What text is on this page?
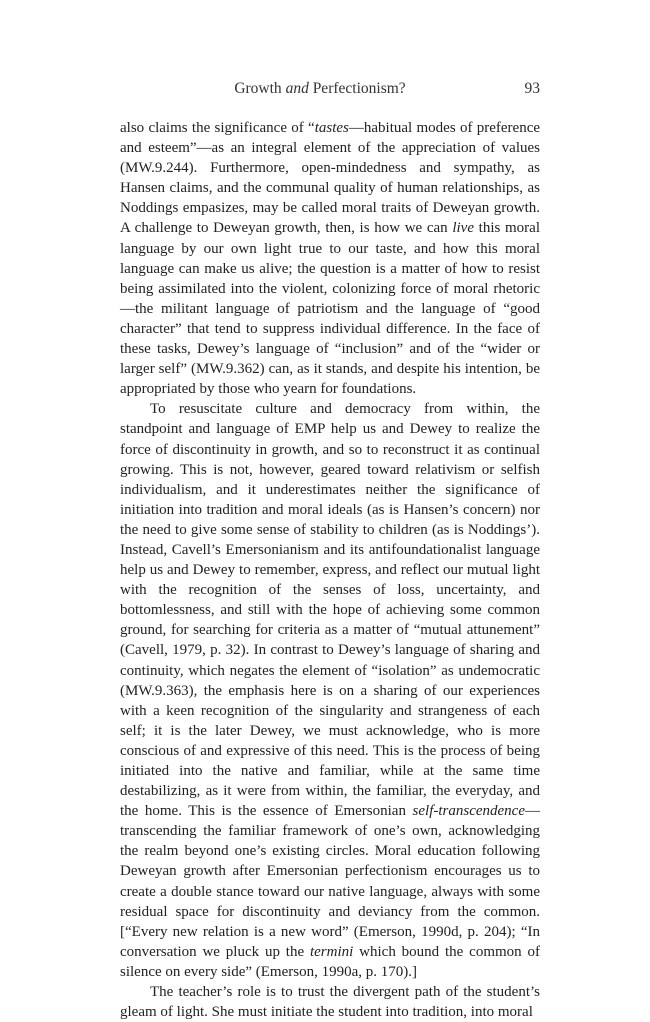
Growth and Perfectionism?	93

also claims the significance of “tastes—habitual modes of preference and esteem”—as an integral element of the appreciation of values (MW.9.244). Furthermore, open-mindedness and sympathy, as Hansen claims, and the communal quality of human relationships, as Noddings empasizes, may be called moral traits of Deweyan growth. A challenge to Deweyan growth, then, is how we can live this moral language by our own light true to our taste, and how this moral language can make us alive; the question is a matter of how to resist being assimilated into the violent, colonizing force of moral rhetoric—the militant language of patriotism and the language of “good character” that tend to suppress individual difference. In the face of these tasks, Dewey’s language of “inclusion” and of the “wider or larger self” (MW.9.362) can, as it stands, and despite his intention, be appropriated by those who yearn for foundations.

To resuscitate culture and democracy from within, the standpoint and language of EMP help us and Dewey to realize the force of discontinuity in growth, and so to reconstruct it as continual growing. This is not, however, geared toward relativism or selfish individualism, and it underestimates neither the significance of initiation into tradition and moral ideals (as is Hansen’s concern) nor the need to give some sense of stability to children (as is Noddings’). Instead, Cavell’s Emersonianism and its antifoundationalist language help us and Dewey to remember, express, and reflect our mutual light with the recognition of the senses of loss, uncertainty, and bottomlessness, and still with the hope of achieving some common ground, for searching for criteria as a matter of “mutual attunement” (Cavell, 1979, p. 32). In contrast to Dewey’s language of sharing and continuity, which negates the element of “isolation” as undemocratic (MW.9.363), the emphasis here is on a sharing of our experiences with a keen recognition of the singularity and strangeness of each self; it is the later Dewey, we must acknowledge, who is more conscious of and expressive of this need. This is the process of being initiated into the native and familiar, while at the same time destabilizing, as it were from within, the familiar, the everyday, and the home. This is the essence of Emersonian self-transcendence—transcending the familiar framework of one’s own, acknowledging the realm beyond one’s existing circles. Moral education following Deweyan growth after Emersonian perfectionism encourages us to create a double stance toward our native language, always with some residual space for discontinuity and deviancy from the common. [“Every new relation is a new word” (Emerson, 1990d, p. 204); “In conversation we pluck up the termini which bound the common of silence on every side” (Emerson, 1990a, p. 170).]

The teacher’s role is to trust the divergent path of the student’s gleam of light. She must initiate the student into tradition, into moral
